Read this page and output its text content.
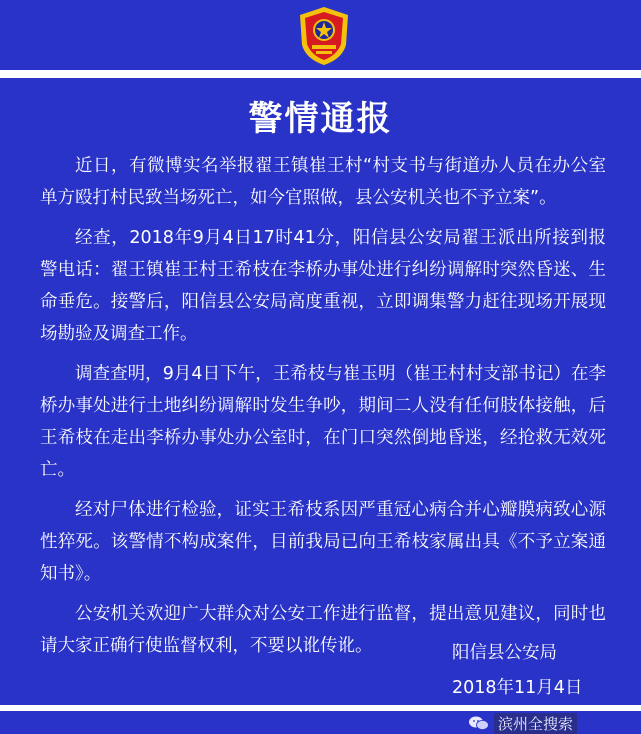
警情通报

近日，有微博实名举报翟王镇崔王村“村支书与街道办人员在办公室单方殴打村民致当场死亡，如今官照做，县公安机关也不予立案”。

经查，2018年9月4日17时41分，阳信县公安局翟王派出所接到报警电话：翟王镇崔王村王希枝在李桥办事处进行纠纷调解时突然昏迷、生命垂危。接警后，阳信县公安局高度重视，立即调集警力赶往现场开展现场勘验及调查工作。

调查查明，9月4日下午，王希枝与崔玉明（崔王村村支部书记）在李桥办事处进行土地纠纷调解时发生争吵，期间二人没有任何肢体接触，后王希枝在走出李桥办事处办公室时，在门口突然倒地昏迷，经抢救无效死亡。

经对尸体进行检验，证实王希枝系因严重冠心病合并心瓣膜病致心源性猝死。该警情不构成案件，目前我局已向王希枝家属出具《不予立案通知书》。

公安机关欢迎广大群众对公安工作进行监督，提出意见建议，同时也请大家正确行使监督权利，不要以讹传讹。	阳信县公安局
2018年11月4日
滨州全搜索
